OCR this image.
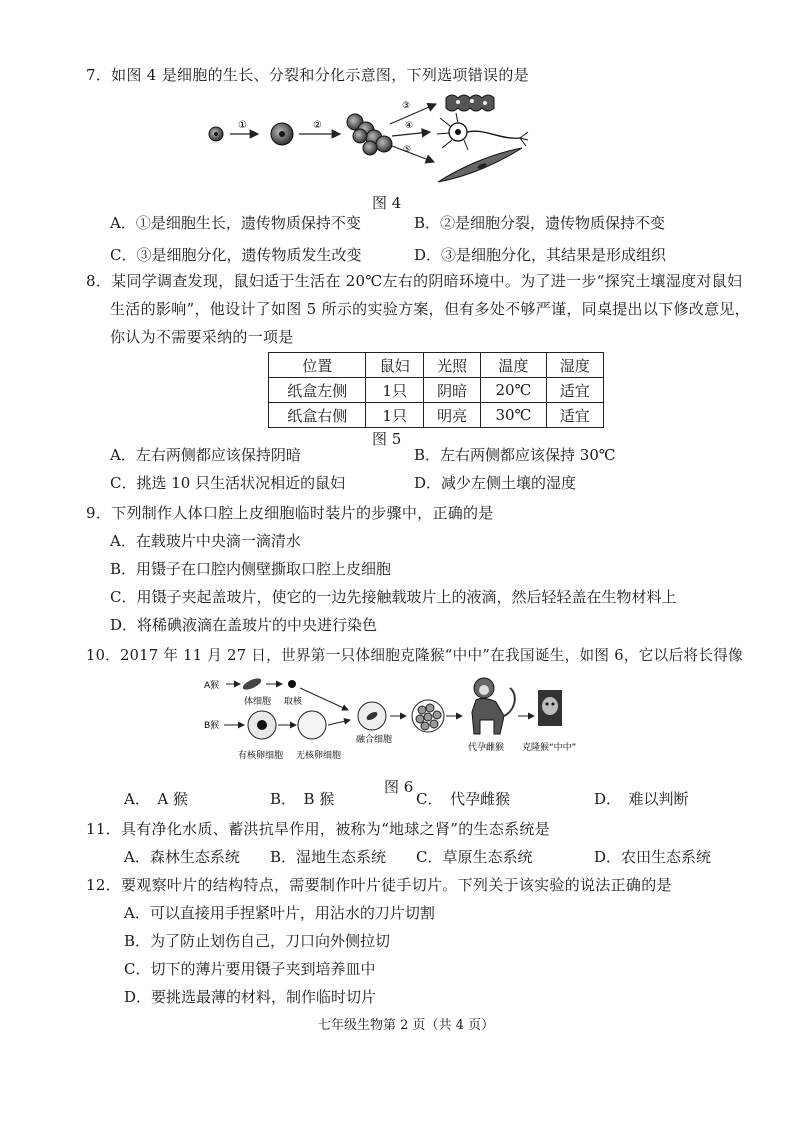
7．如图 4 是细胞的生长、分裂和分化示意图，下列选项错误的是
①	②
③
④
⑤
图 4
A．①是细胞生长，遗传物质保持不变	B．②是细胞分裂，遗传物质保持不变
C．③是细胞分化，遗传物质发生改变	D．③是细胞分化，其结果是形成组织
8．某同学调查发现，鼠妇适于生活在 20℃左右的阴暗环境中。为了进一步“探究土壤湿度对鼠妇
生活的影响”，他设计了如图 5 所示的实验方案，但有多处不够严谨，同桌提出以下修改意见，
你认为不需要采纳的一项是
位置	鼠妇	光照	温度	湿度
纸盒左侧	1只	阴暗	20℃	适宜
纸盒右侧	1只	明亮	30℃	适宜
图 5
A．左右两侧都应该保持阴暗	B．左右两侧都应该保持 30℃
C．挑选 10 只生活状况相近的鼠妇	D．减少左侧土壤的湿度
9．下列制作人体口腔上皮细胞临时装片的步骤中，正确的是
A．在载玻片中央滴一滴清水
B．用镊子在口腔内侧壁撕取口腔上皮细胞
C．用镊子夹起盖玻片，使它的一边先接触载玻片上的液滴，然后轻轻盖在生物材料上
D．将稀碘液滴在盖玻片的中央进行染色
10．2017 年 11 月 27 日，世界第一只体细胞克隆猴“中中”在我国诞生，如图 6，它以后将长得像
A猴
体细胞 取核
B猴
有核卵细胞 无核卵细胞
融合细胞
代孕雌猴 克隆猴“中中”
图 6
A．　A 猴	B．　B 猴	C．　代孕雌猴	D．　难以判断
11．具有净化水质、蓄洪抗旱作用，被称为“地球之肾”的生态系统是
A．森林生态系统 B．湿地生态系统 C．草原生态系统	D．农田生态系统
12．要观察叶片的结构特点，需要制作叶片徒手切片。下列关于该实验的说法正确的是
A．可以直接用手捏紧叶片，用沾水的刀片切割
B．为了防止划伤自己，刀口向外侧拉切
C．切下的薄片要用镊子夹到培养皿中
D．要挑选最薄的材料，制作临时切片
七年级生物第 2 页（共 4 页）
